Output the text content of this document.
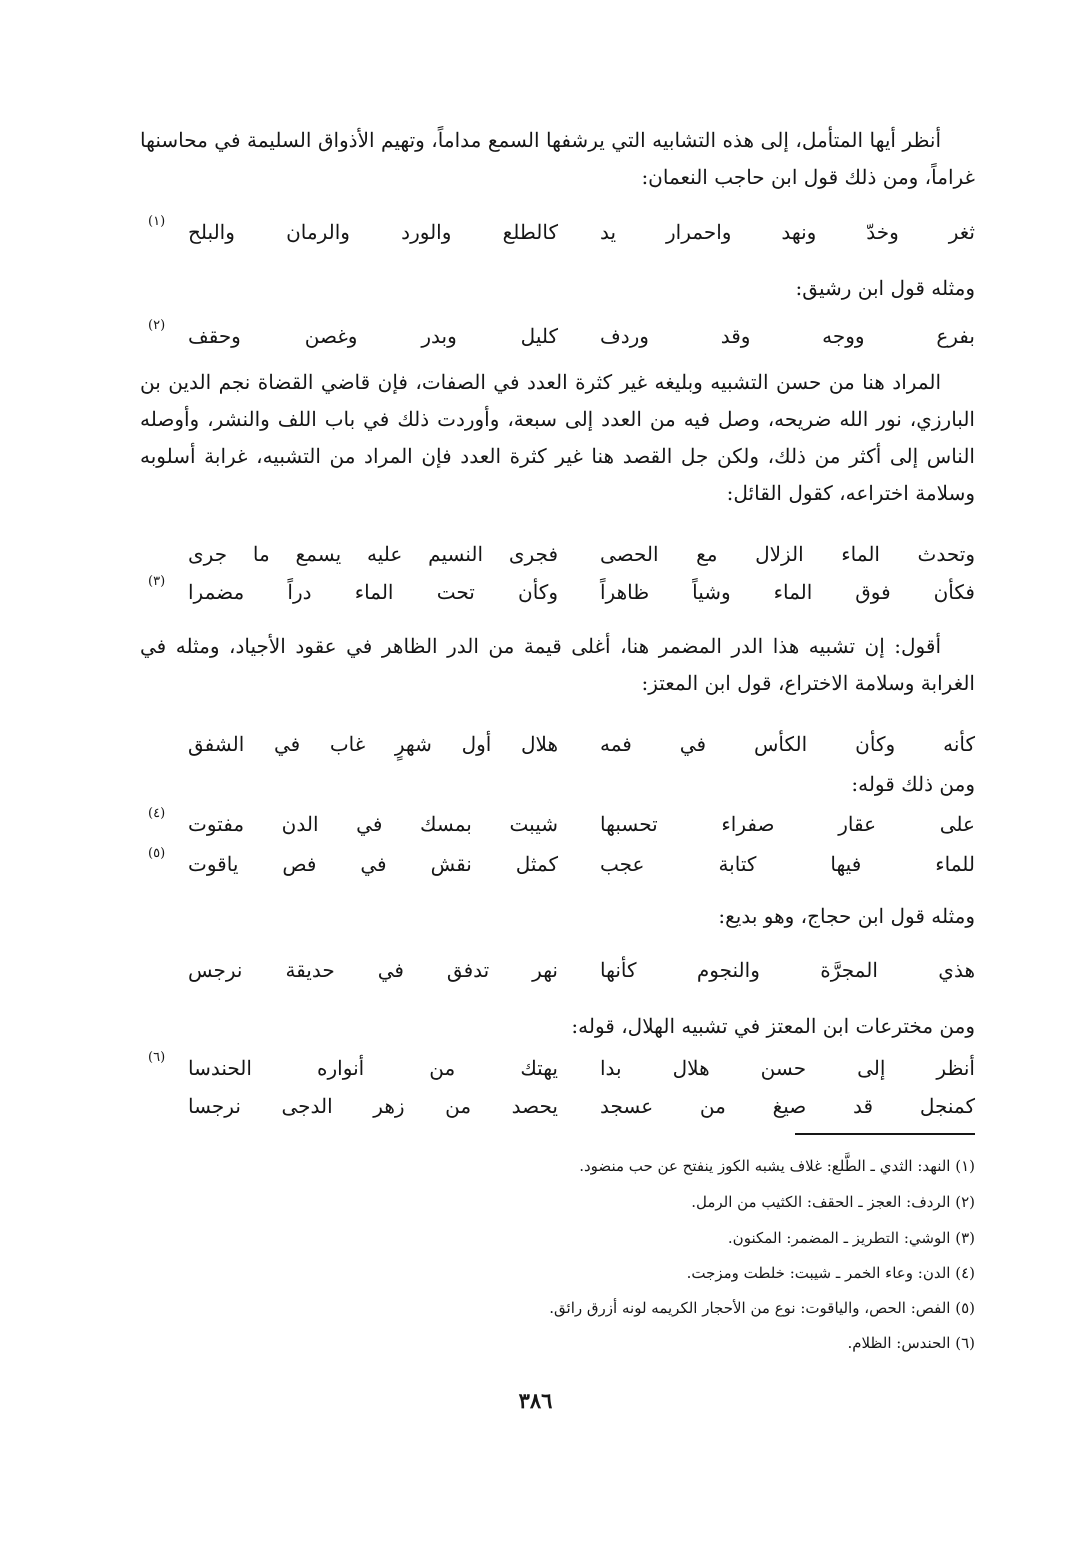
أنظر أيها المتأمل، إلى هذه التشابيه التي يرشفها السمع مداماً، وتهيم الأذواق السليمة في محاسنها غراماً، ومن ذلك قول ابن حاجب النعمان:
ثغر وخدّ ونهد واحمرار يد
كالطلع والورد والرمان والبلح
(١)
ومثله قول ابن رشيق:
بفرع ووجه وقد وردف
كليل وبدر وغصن وحقف
(٢)
المراد هنا من حسن التشبيه وبليغه غير كثرة العدد في الصفات، فإن قاضي القضاة نجم الدين بن البارزي، نور الله ضريحه، وصل فيه من العدد إلى سبعة، وأوردت ذلك في باب اللف والنشر، وأوصله الناس إلى أكثر من ذلك، ولكن جل القصد هنا غير كثرة العدد فإن المراد من التشبيه، غرابة أسلوبه وسلامة اختراعه، كقول القائل:
وتحدث الماء الزلال مع الحصى
فجرى النسيم عليه يسمع ما جرى
فكأن فوق الماء وشياً ظاهراً
وكأن تحت الماء دراً مضمرا
(٣)
أقول: إن تشبيه هذا الدر المضمر هنا، أغلى قيمة من الدر الظاهر في عقود الأجياد، ومثله في الغرابة وسلامة الاختراع، قول ابن المعتز:
كأنه وكأن الكأس في فمه
هلال أول شهرٍ غاب في الشفق
ومن ذلك قوله:
على عقار صفراء تحسبها
شيبت بمسك في الدن مفتوت
(٤)
للماء فيها كتابة عجب
كمثل نقش في فص ياقوت
(٥)
ومثله قول ابن حجاج، وهو بديع:
هذي المجرَّة والنجوم كأنها
نهر تدفق في حديقة نرجس
ومن مخترعات ابن المعتز في تشبيه الهلال، قوله:
أنظر إلى حسن هلال بدا
يهتك من أنواره الحندسا
(٦)
كمنجل قد صيغ من عسجد
يحصد من زهر الدجى نرجسا
(١) النهد: الثدي ـ الطَّلع: غلاف يشبه الكوز ينفتح عن حب منضود.
(٢) الردف: العجز ـ الحقف: الكثيب من الرمل.
(٣) الوشي: التطريز ـ المضمر: المكنون.
(٤) الدن: وعاء الخمر ـ شيبت: خلطت ومزجت.
(٥) الفص: الحص، والياقوت: نوع من الأحجار الكريمه لونه أزرق رائق.
(٦) الحندس: الظلام.
٣٨٦
